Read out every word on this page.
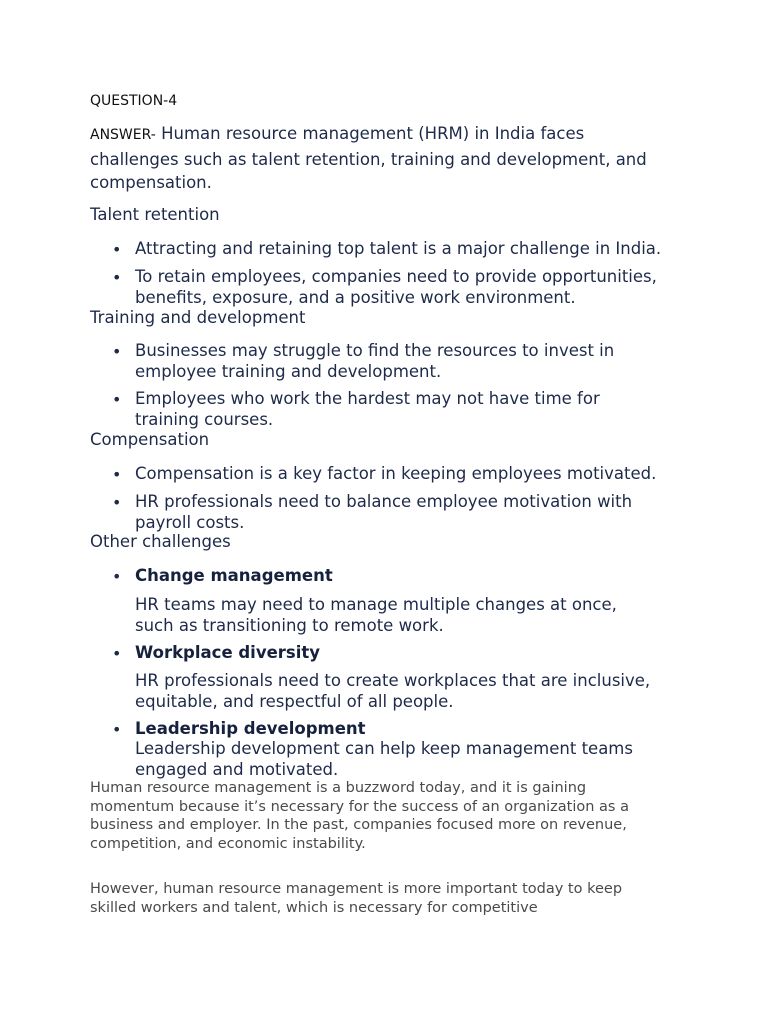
QUESTION-4

ANSWER- Human resource management (HRM) in India faces
challenges such as talent retention, training and development, and
compensation.

Talent retention

• Attracting and retaining top talent is a major challenge in India.

• To retain employees, companies need to provide opportunities,
benefits, exposure, and a positive work environment.

Training and development

• Businesses may struggle to find the resources to invest in
employee training and development.

• Employees who work the hardest may not have time for
training courses.

Compensation

• Compensation is a key factor in keeping employees motivated.

• HR professionals need to balance employee motivation with
payroll costs.

Other challenges

• Change management

HR teams may need to manage multiple changes at once,
such as transitioning to remote work.

• Workplace diversity

HR professionals need to create workplaces that are inclusive,
equitable, and respectful of all people.

• Leadership development

Leadership development can help keep management teams
engaged and motivated.

Human resource management is a buzzword today, and it is gaining
momentum because it’s necessary for the success of an organization as a
business and employer. In the past, companies focused more on revenue,
competition, and economic instability.

However, human resource management is more important today to keep
skilled workers and talent, which is necessary for competitive
